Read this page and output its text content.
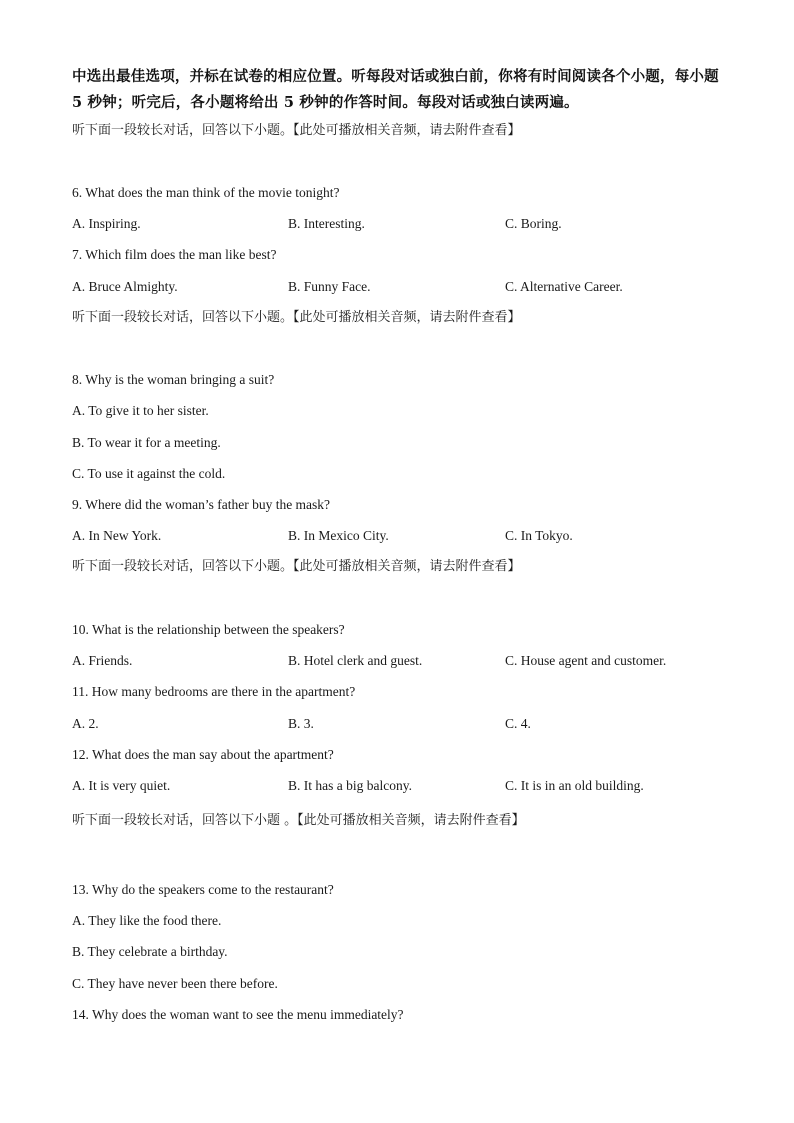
中选出最佳选项，并标在试卷的相应位置。听每段对话或独白前，你将有时间阅读各个小题，每小题 5 秒钟；听完后，各小题将给出 5 秒钟的作答时间。每段对话或独白读两遍。
听下面一段较长对话，回答以下小题。【此处可播放相关音频，请去附件查看】
6. What does the man think of the movie tonight?
A. Inspiring.	B. Interesting.	C. Boring.
7. Which film does the man like best?
A. Bruce Almighty.	B. Funny Face.	C. Alternative Career.
听下面一段较长对话，回答以下小题。【此处可播放相关音频，请去附件查看】
8. Why is the woman bringing a suit?
A. To give it to her sister.
B. To wear it for a meeting.
C. To use it against the cold.
9. Where did the woman’s father buy the mask?
A. In New York.	B. In Mexico City.	C. In Tokyo.
听下面一段较长对话，回答以下小题。【此处可播放相关音频，请去附件查看】
10. What is the relationship between the speakers?
A. Friends.	B. Hotel clerk and guest.	C. House agent and customer.
11. How many bedrooms are there in the apartment?
A. 2.	B. 3.	C. 4.
12. What does the man say about the apartment?
A. It is very quiet.	B. It has a big balcony.	C. It is in an old building.
听下面一段较长对话，回答以下小题 。【此处可播放相关音频，请去附件查看】
13. Why do the speakers come to the restaurant?
A. They like the food there.
B. They celebrate a birthday.
C. They have never been there before.
14. Why does the woman want to see the menu immediately?
